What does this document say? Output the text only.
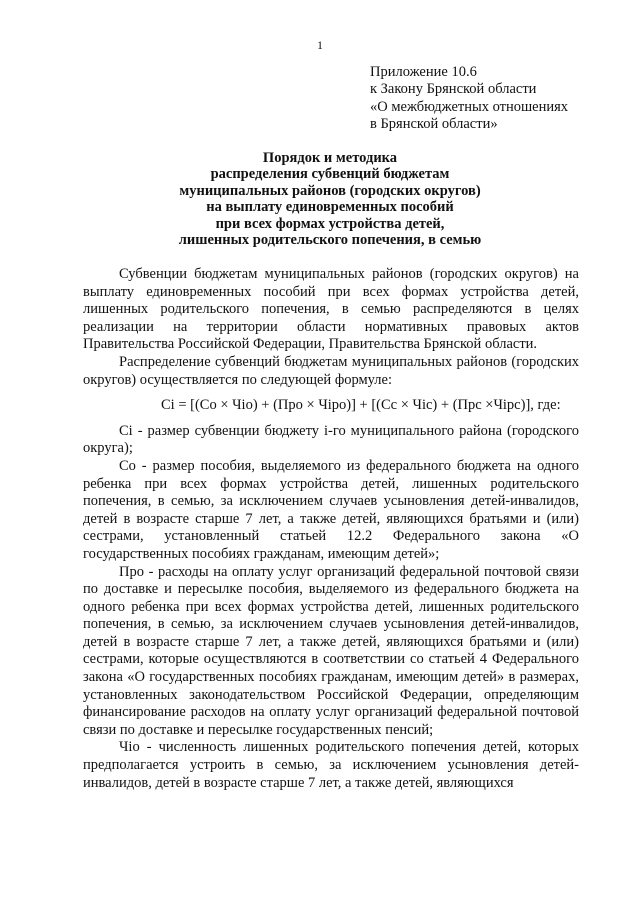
1
Приложение 10.6
к Закону Брянской области
«О межбюджетных отношениях
в Брянской области»
Порядок и методика
распределения субвенций бюджетам
муниципальных районов (городских округов)
на выплату единовременных пособий
при всех формах устройства детей,
лишенных родительского попечения, в семью

Субвенции бюджетам муниципальных районов (городских округов) на выплату единовременных пособий при всех формах устройства детей, лишенных родительского попечения, в семью распределяются в целях реализации на территории области нормативных правовых актов Правительства Российской Федерации, Правительства Брянской области.

Распределение субвенций бюджетам муниципальных районов (городских округов) осуществляется по следующей формуле:

Ci = [(Co × Чio) + (Про × Чiро)] + [(Cc × Чic) + (Прс ×Чiрс)], где:

Ci - размер субвенции бюджету i-го муниципального района (городского округа);

Co - размер пособия, выделяемого из федерального бюджета на одного ребенка при всех формах устройства детей, лишенных родительского попечения, в семью, за исключением случаев усыновления детей-инвалидов, детей в возрасте старше 7 лет, а также детей, являющихся братьями и (или) сестрами, установленный статьей 12.2 Федерального закона «О государственных пособиях гражданам, имеющим детей»;

Про - расходы на оплату услуг организаций федеральной почтовой связи по доставке и пересылке пособия, выделяемого из федерального бюджета на одного ребенка при всех формах устройства детей, лишенных родительского попечения, в семью, за исключением случаев усыновления детей-инвалидов, детей в возрасте старше 7 лет, а также детей, являющихся братьями и (или) сестрами, которые осуществляются в соответствии со статьей 4 Федерального закона «О государственных пособиях гражданам, имеющим детей» в размерах, установленных законодательством Российской Федерации, определяющим финансирование расходов на оплату услуг организаций федеральной почтовой связи по доставке и пересылке государственных пенсий;

Чio - численность лишенных родительского попечения детей, которых предполагается устроить в семью, за исключением усыновления детей-инвалидов, детей в возрасте старше 7 лет, а также детей, являющихся
